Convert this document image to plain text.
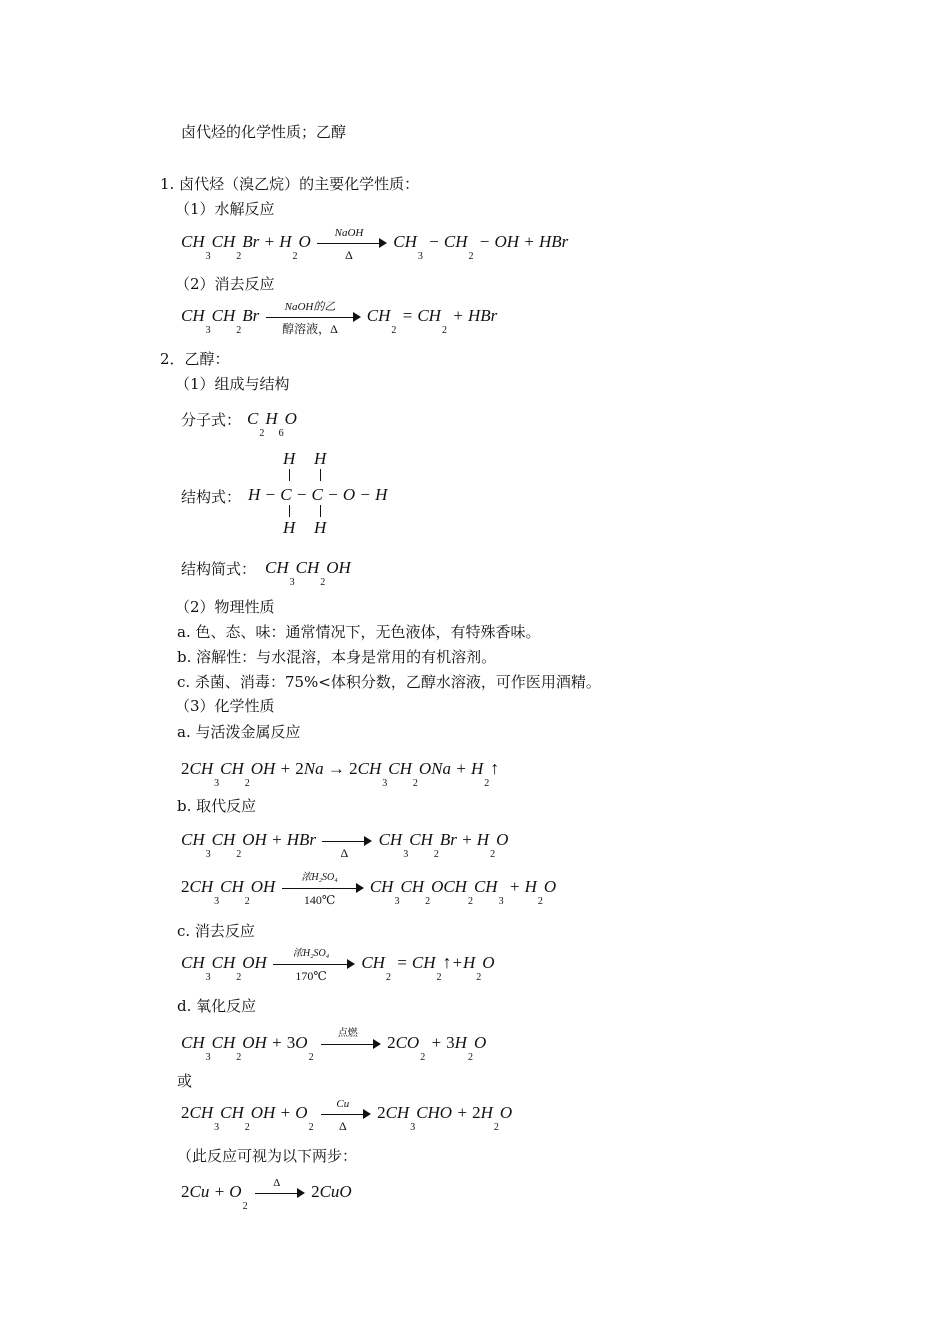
卤代烃的化学性质；乙醇
1. 卤代烃（溴乙烷）的主要化学性质：
（1）水解反应
$CH_3CH_2Br + H_2O$	NaOH
Δ
$CH_3 - CH_2$ − OH + HBr
（2）消去反应
$CH_3CH_2Br$	NaOH的乙
醇溶液，Δ
$CH_2 = CH_2$ + HBr
2．乙醇：
（1）组成与结构
分子式： $C_2H_6O$
结构式：
H H
H − C − C − O − H
H H
结构简式： $CH_3CH_2OH$
（2）物理性质
a. 色、态、味：通常情况下，无色液体，有特殊香味。
b. 溶解性：与水混溶，本身是常用的有机溶剂。
c. 杀菌、消毒：75%<体积分数，乙醇水溶液，可作医用酒精。
（3）化学性质
a. 与活泼金属反应
$2CH_3CH_2OH + 2Na \to 2CH_3CH_2ONa$ + $H_2↑$
b. 取代反应
$CH_3CH_2OH$ + HBr
Δ
$CH_3CH_2Br + H_2O$
$2CH_3CH_2OH$	浓H₂SO₄
140℃
$CH_3CH_2OCH_2CH_3 + H_2O$
c. 消去反应
$CH_3CH_2OH$	浓H₂SO₄
170℃
$CH_2$ = $CH_2↑+H_2O$
d. 氧化反应
$CH_3CH_2OH + 3O_2$
点燃	$2CO_2 + 3H_2O$
或
$2CH_3CH_2OH + O_2$
$\frac{Cu}{\Delta} 2CH_3CHO + 2H_2O$
（此反应可视为以下两步：
$2Cu + O_2$
Δ	2CuO
